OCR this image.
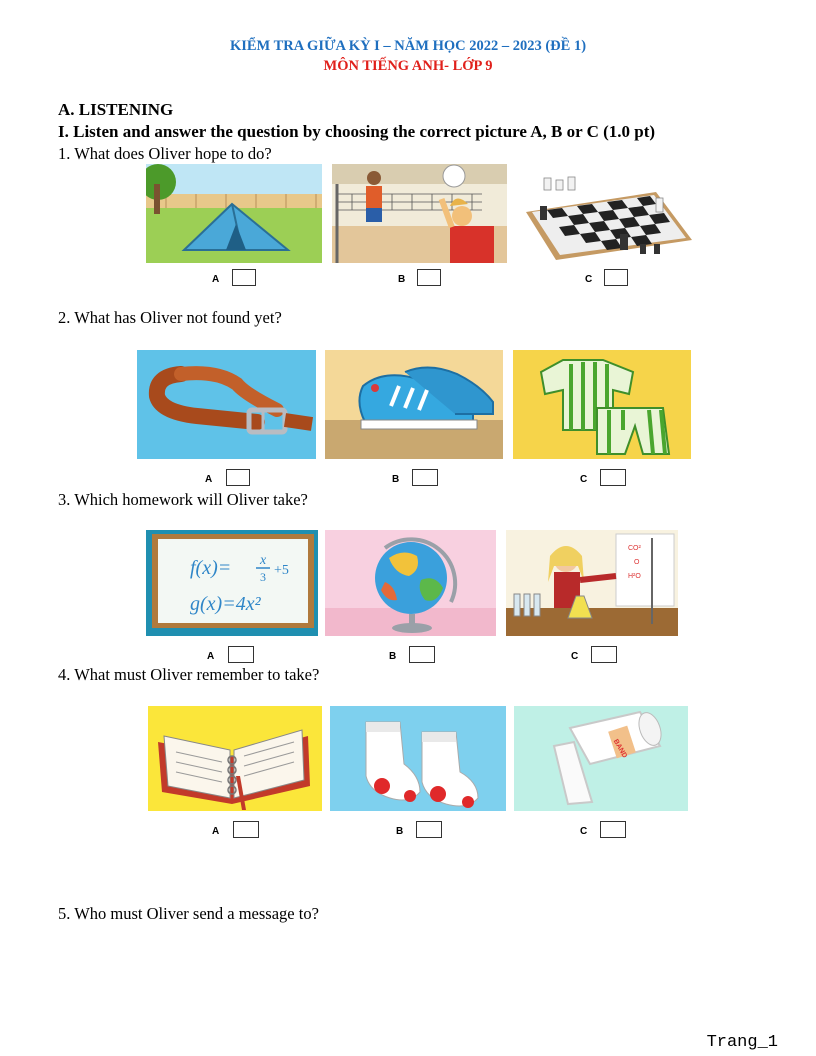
KIỂM TRA GIỮA KỲ I – NĂM HỌC 2022 – 2023 (ĐỀ 1)
MÔN TIẾNG ANH- LỚP 9
A. LISTENING
I. Listen and answer the question by choosing the correct picture A, B or C (1.0 pt)
1. What does Oliver hope to do?
A	B	C
2. What has Oliver not found yet?
A	B	C
3. Which homework will Oliver take?
f(x)= x
3 +5
g(x)=4x²
CO²
O
H²O
A	B	C
4. What must Oliver remember to take?
BAND
A	B	C
5. Who must Oliver send a message to?
Trang_1
